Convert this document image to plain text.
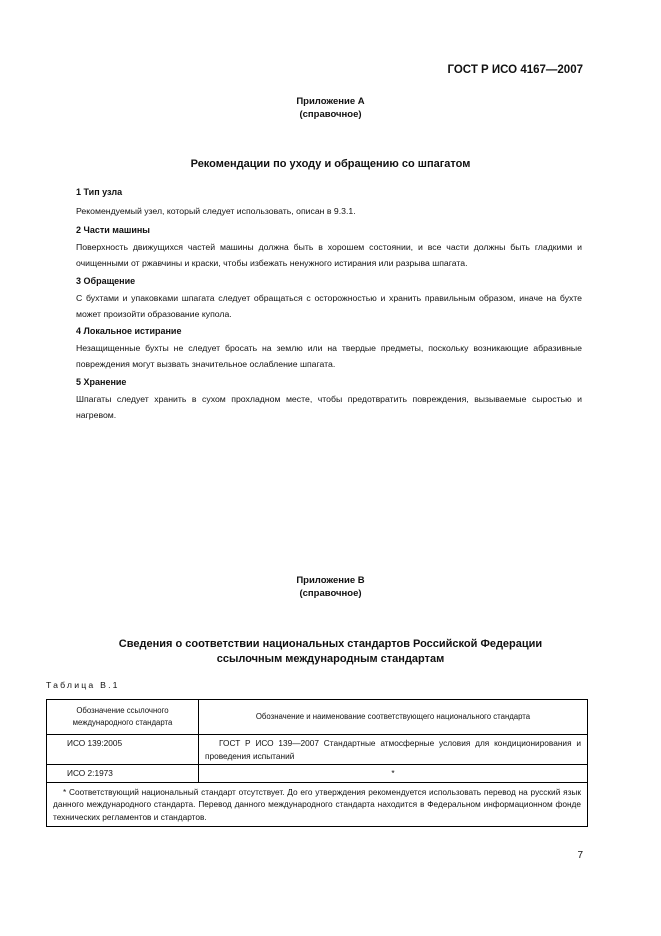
ГОСТ Р ИСО 4167—2007
Приложение А
(справочное)
Рекомендации по уходу и обращению со шпагатом
1 Тип узла
Рекомендуемый узел, который следует использовать, описан в 9.3.1.
2 Части машины
Поверхность движущихся частей машины должна быть в хорошем состоянии, и все части должны быть гладкими и очищенными от ржавчины и краски, чтобы избежать ненужного истирания или разрыва шпагата.
3 Обращение
С бухтами и упаковками шпагата следует обращаться с осторожностью и хранить правильным образом, иначе на бухте может произойти образование купола.
4 Локальное истирание
Незащищенные бухты не следует бросать на землю или на твердые предметы, поскольку возникающие абразивные повреждения могут вызвать значительное ослабление шпагата.
5 Хранение
Шпагаты следует хранить в сухом прохладном месте, чтобы предотвратить повреждения, вызываемые сыростью и нагревом.
Приложение В
(справочное)
Сведения о соответствии национальных стандартов Российской Федерации
ссылочным международным стандартам
Таблица В.1
Обозначение ссылочного международного стандарта	Обозначение и наименование соответствующего национального стандарта
ИСО 139:2005	ГОСТ Р ИСО 139—2007 Стандартные атмосферные условия для кондиционирования и проведения испытаний
ИСО 2:1973	*
* Соответствующий национальный стандарт отсутствует. До его утверждения рекомендуется использовать перевод на русский язык данного международного стандарта. Перевод данного международного стандарта находится в Федеральном информационном фонде технических регламентов и стандартов.	
7
